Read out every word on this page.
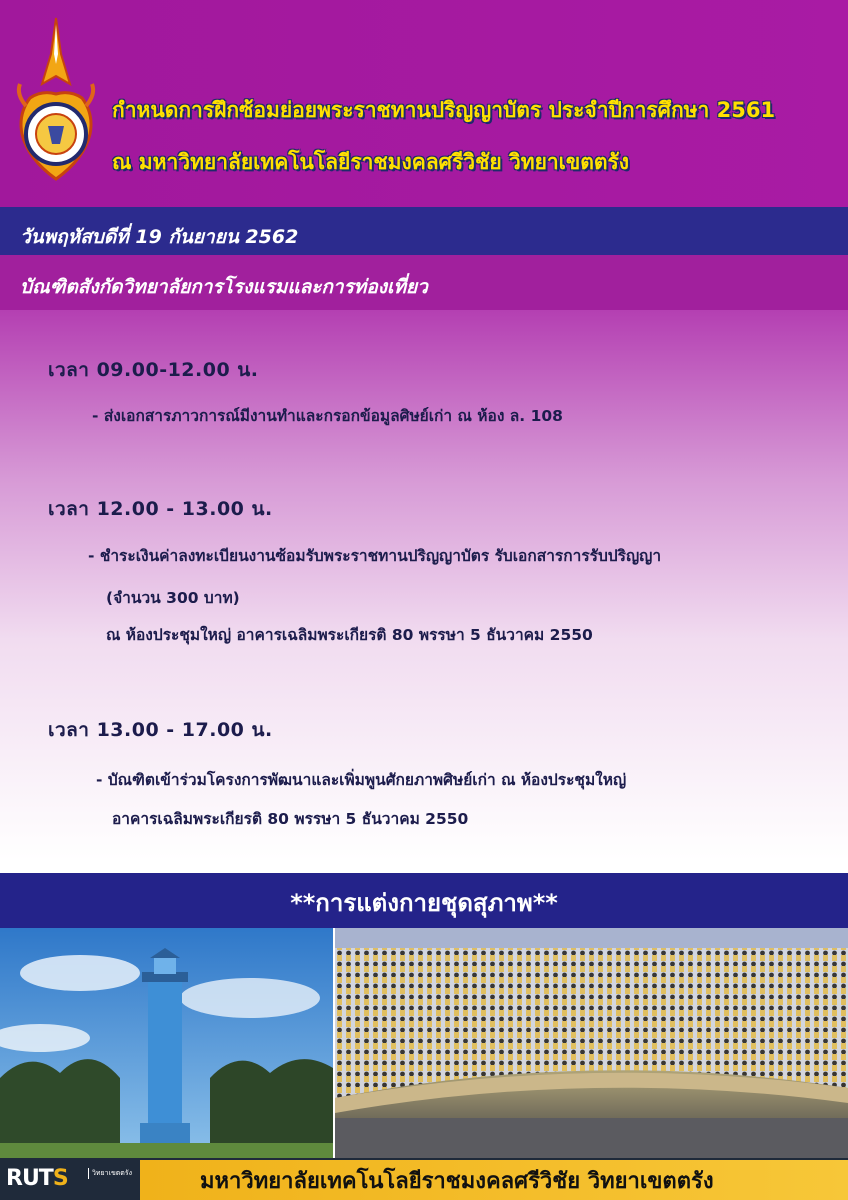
กำหนดการฝึกซ้อมย่อยพระราชทานปริญญาบัตร ประจำปีการศึกษา 2561
ณ มหาวิทยาลัยเทคโนโลยีราชมงคลศรีวิชัย วิทยาเขตตรัง
วันพฤหัสบดีที่ 19 กันยายน 2562
บัณฑิตสังกัดวิทยาลัยการโรงแรมและการท่องเที่ยว
เวลา 09.00-12.00 น.
- ส่งเอกสารภาวการณ์มีงานทำและกรอกข้อมูลศิษย์เก่า ณ ห้อง ล. 108
เวลา 12.00 - 13.00 น.
- ชำระเงินค่าลงทะเบียนงานซ้อมรับพระราชทานปริญญาบัตร รับเอกสารการรับปริญญา
(จำนวน 300 บาท)
ณ ห้องประชุมใหญ่ อาคารเฉลิมพระเกียรติ 80 พรรษา 5 ธันวาคม 2550
เวลา 13.00 - 17.00 น.
- บัณฑิตเข้าร่วมโครงการพัฒนาและเพิ่มพูนศักยภาพศิษย์เก่า ณ ห้องประชุมใหญ่
อาคารเฉลิมพระเกียรติ 80 พรรษา 5 ธันวาคม 2550
**การแต่งกายชุดสุภาพ**
RUTS	วิทยาเขตตรัง	มหาวิทยาลัยเทคโนโลยีราชมงคลศรีวิชัย วิทยาเขตตรัง
